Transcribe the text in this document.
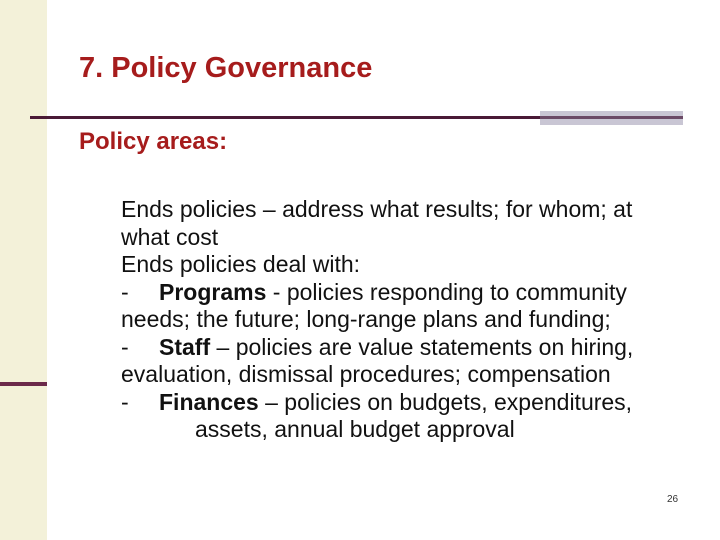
7. Policy Governance
Policy areas:

Ends policies – address what results; for whom; at what cost

Ends policies deal with:

- Programs - policies responding to communityneeds; the future; long-range plans and funding;

- Staff – policies are value statements on hiring,evaluation, dismissal procedures; compensation

- Finances – policies on budgets, expenditures,assets, annual budget approval

26
